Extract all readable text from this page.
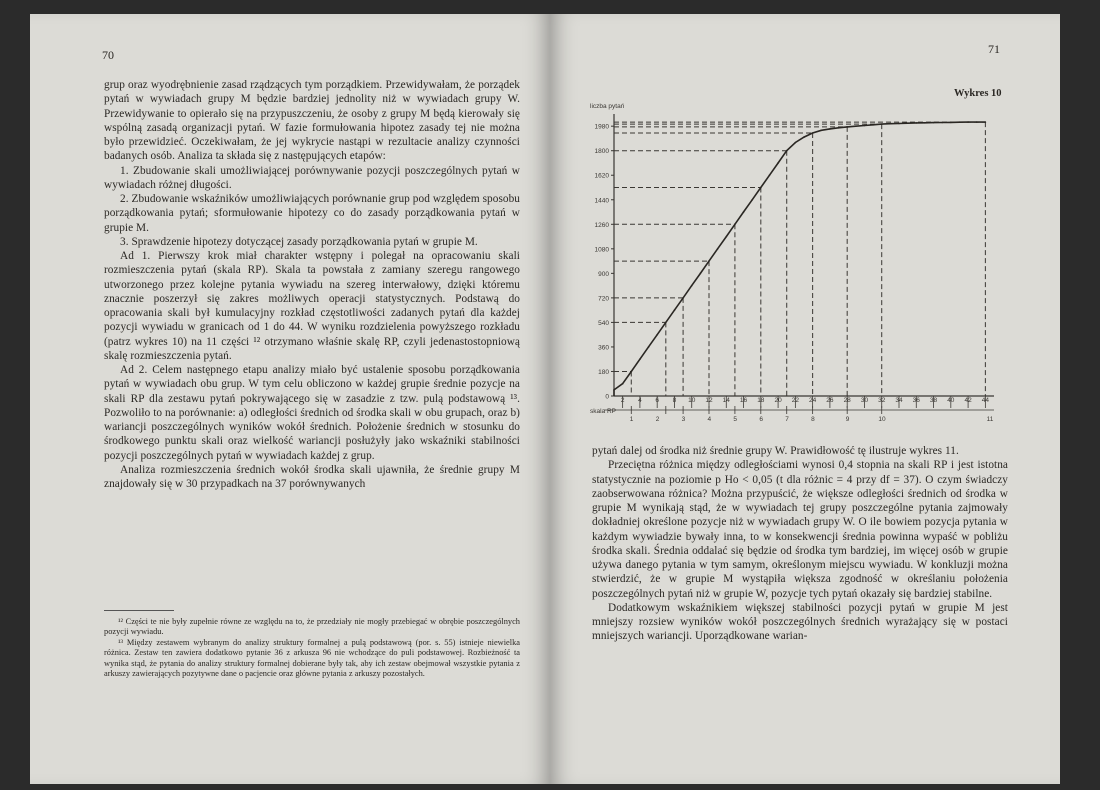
70

grup oraz wyodrębnienie zasad rządzących tym porządkiem. Przewidywałam, że porządek pytań w wywiadach grupy M będzie bardziej jednolity niż w wywiadach grupy W. Przewidywanie to opierało się na przypuszczeniu, że osoby z grupy M będą kierowały się wspólną zasadą organizacji pytań. W fazie formułowania hipotez zasady tej nie można było przewidzieć. Oczekiwałam, że jej wykrycie nastąpi w rezultacie analizy czynności badanych osób. Analiza ta składa się z następujących etapów:

1. Zbudowanie skali umożliwiającej porównywanie pozycji poszczególnych pytań w wywiadach różnej długości.

2. Zbudowanie wskaźników umożliwiających porównanie grup pod względem sposobu porządkowania pytań; sformułowanie hipotezy co do zasady porządkowania pytań w grupie M.

3. Sprawdzenie hipotezy dotyczącej zasady porządkowania pytań w grupie M.

Ad 1. Pierwszy krok miał charakter wstępny i polegał na opracowaniu skali rozmieszczenia pytań (skala RP). Skala ta powstała z zamiany szeregu rangowego utworzonego przez kolejne pytania wywiadu na szereg interwałowy, dzięki któremu znacznie poszerzył się zakres możliwych operacji statystycznych. Podstawą do opracowania skali był kumulacyjny rozkład częstotliwości zadanych pytań dla każdej pozycji wywiadu w granicach od 1 do 44. W wyniku rozdzielenia powyższego rozkładu (patrz wykres 10) na 11 części ¹² otrzymano właśnie skalę RP, czyli jedenastostopniową skalę rozmieszczenia pytań.

Ad 2. Celem następnego etapu analizy miało być ustalenie sposobu porządkowania pytań w wywiadach obu grup. W tym celu obliczono w każdej grupie średnie pozycje na skali RP dla zestawu pytań pokrywającego się w zasadzie z tzw. pulą podstawową ¹³. Pozwoliło to na porównanie: a) odległości średnich od środka skali w obu grupach, oraz b) wariancji poszczególnych wyników wokół średnich. Położenie średnich w stosunku do środkowego punktu skali oraz wielkość wariancji posłużyły jako wskaźniki stabilności pozycji poszczególnych pytań w wywiadach każdej z grup.

Analiza rozmieszczenia średnich wokół środka skali ujawniła, że średnie grupy M znajdowały się w 30 przypadkach na 37 porównywanych

¹² Części te nie były zupełnie równe ze względu na to, że przedziały nie mogły przebiegać w obrębie poszczególnych pozycji wywiadu.

¹³ Między zestawem wybranym do analizy struktury formalnej a pulą podstawową (por. s. 55) istnieje niewielka różnica. Zestaw ten zawiera dodatkowo pytanie 36 z arkusza 96 nie wchodzące do puli podstawowej. Rozbieżność ta wynika stąd, że pytania do analizy struktury formalnej dobierane były tak, aby ich zestaw obejmował wszystkie pytania z arkuszy zawierających pozytywne dane o pacjencie oraz główne pytania z arkuszy pozostałych.

71
Wykres 10
liczba pytań
0
180
360
540
720
900
1080
1260
1440
1620
1800
1980
2 4 6 8 10 12 14 16 18 20 22 24 26 28 30 32 34 36 38 40 42 44
skala RP
1	2	3	4	5	6	7	8	9	10	11

pytań dalej od środka niż średnie grupy W. Prawidłowość tę ilustruje wykres 11.

Przeciętna różnica między odległościami wynosi 0,4 stopnia na skali RP i jest istotna statystycznie na poziomie p Ho < 0,05 (t dla różnic = 4 przy df = 37). O czym świadczy zaobserwowana różnica? Można przypuścić, że większe odległości średnich od środka w grupie M wynikają stąd, że w wywiadach tej grupy poszczególne pytania zajmowały dokładniej określone pozycje niż w wywiadach grupy W. O ile bowiem pozycja pytania w każdym wywiadzie bywały inna, to w konsekwencji średnia powinna wypaść w pobliżu środka skali. Średnia oddalać się będzie od środka tym bardziej, im więcej osób w grupie używa danego pytania w tym samym, określonym miejscu wywiadu. W konkluzji można stwierdzić, że w grupie M wystąpiła większa zgodność w określaniu położenia poszczególnych pytań niż w grupie W, pozycje tych pytań okazały się bardziej stabilne.

Dodatkowym wskaźnikiem większej stabilności pozycji pytań w grupie M jest mniejszy rozsiew wyników wokół poszczególnych średnich wyrażający się w postaci mniejszych wariancji. Uporządkowane warian-
